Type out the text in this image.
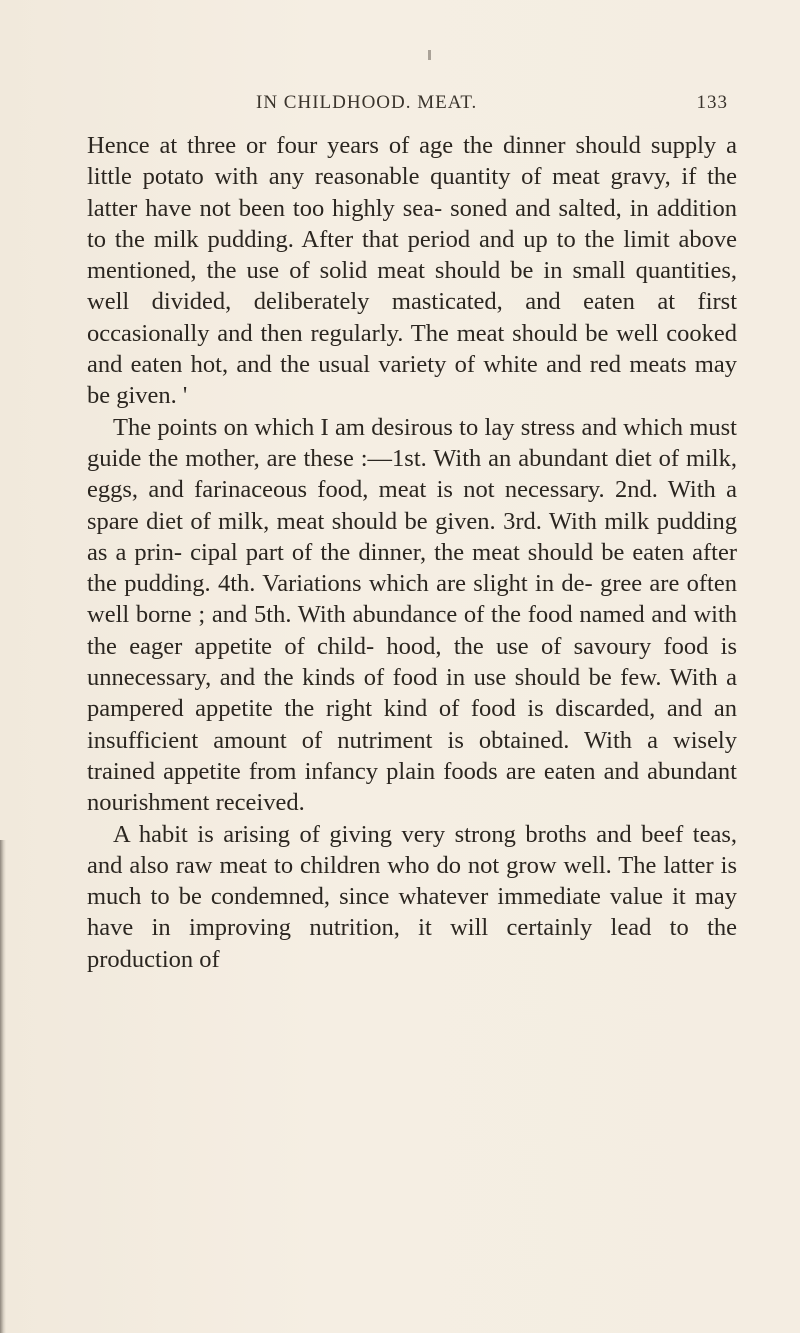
IN CHILDHOOD. MEAT.	133

Hence at three or four years of age the dinner should supply a little potato with any reasonable quantity of meat gravy, if the latter have not been too highly sea- soned and salted, in addition to the milk pudding. After that period and up to the limit above mentioned, the use of solid meat should be in small quantities, well divided, deliberately masticated, and eaten at first occasionally and then regularly. The meat should be well cooked and eaten hot, and the usual variety of white and red meats may be given. '

The points on which I am desirous to lay stress and which must guide the mother, are these :—1st. With an abundant diet of milk, eggs, and farinaceous food, meat is not necessary. 2nd. With a spare diet of milk, meat should be given. 3rd. With milk pudding as a prin- cipal part of the dinner, the meat should be eaten after the pudding. 4th. Variations which are slight in de- gree are often well borne ; and 5th. With abundance of the food named and with the eager appetite of child- hood, the use of savoury food is unnecessary, and the kinds of food in use should be few. With a pampered appetite the right kind of food is discarded, and an insufficient amount of nutriment is obtained. With a wisely trained appetite from infancy plain foods are eaten and abundant nourishment received.

A habit is arising of giving very strong broths and beef teas, and also raw meat to children who do not grow well. The latter is much to be condemned, since whatever immediate value it may have in improving nutrition, it will certainly lead to the production of
